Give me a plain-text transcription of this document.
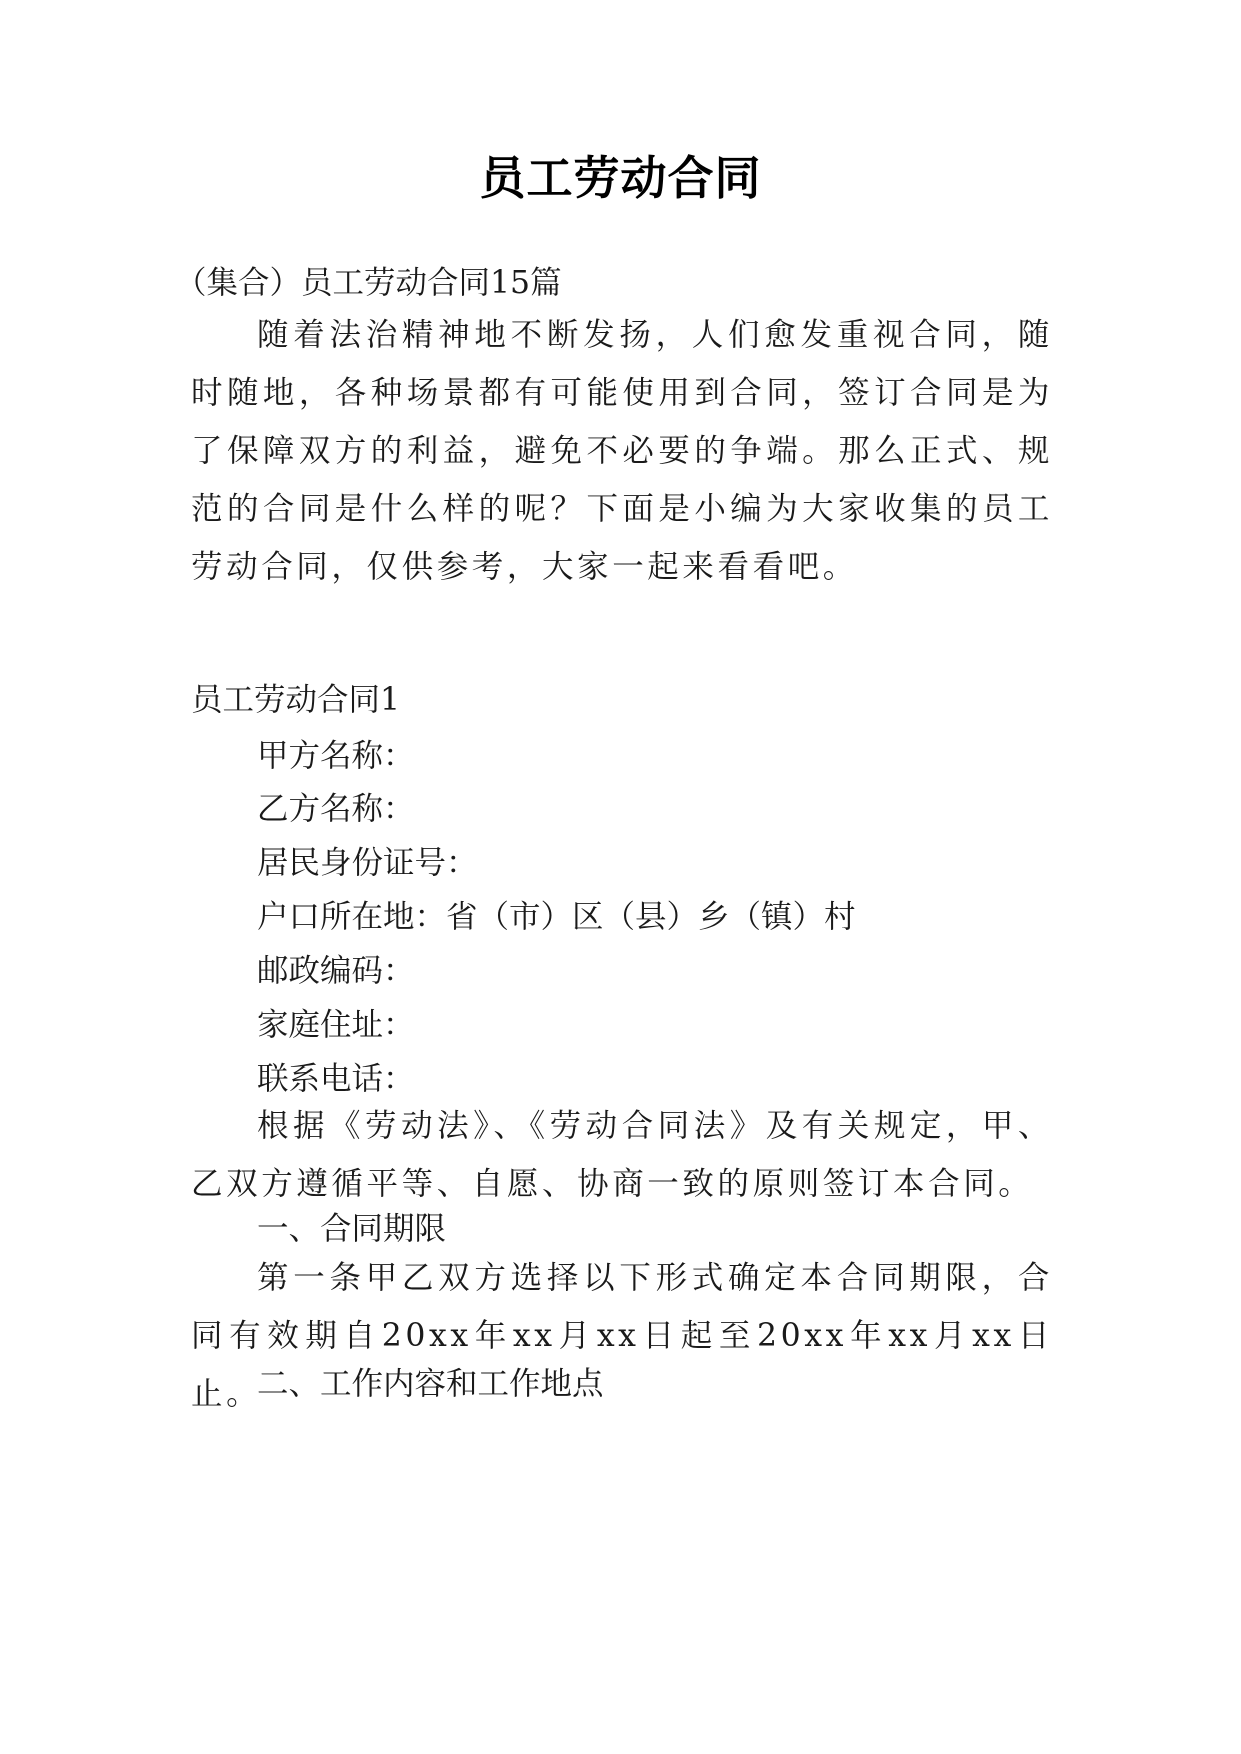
员工劳动合同
（集合）员工劳动合同15篇
随着法治精神地不断发扬，人们愈发重视合同，随时随地，各种场景都有可能使用到合同，签订合同是为了保障双方的利益，避免不必要的争端。那么正式、规范的合同是什么样的呢？下面是小编为大家收集的员工劳动合同，仅供参考，大家一起来看看吧。
员工劳动合同1
甲方名称：
乙方名称：
居民身份证号：
户口所在地：省（市）区（县）乡（镇）村
邮政编码：
家庭住址：
联系电话：
根据《劳动法》、《劳动合同法》及有关规定，甲、乙双方遵循平等、自愿、协商一致的原则签订本合同。
一、合同期限
第一条甲乙双方选择以下形式确定本合同期限，合同有效期自20xx年xx月xx日起至20xx年xx月xx日止。
二、工作内容和工作地点
